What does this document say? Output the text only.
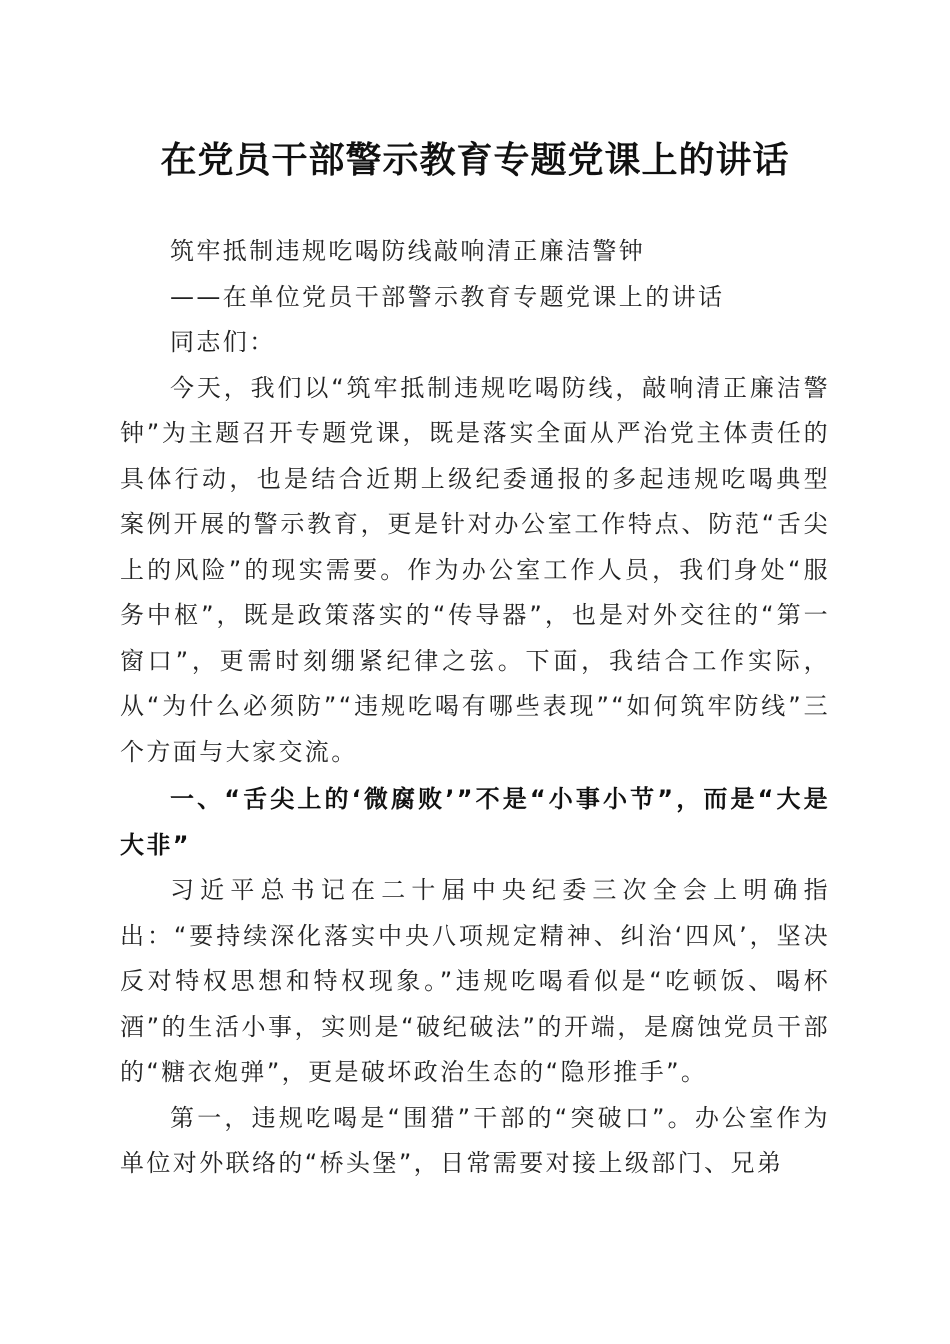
在党员干部警示教育专题党课上的讲话

筑牢抵制违规吃喝防线敲响清正廉洁警钟

——在单位党员干部警示教育专题党课上的讲话

同志们：

今天，我们以“筑牢抵制违规吃喝防线，敲响清正廉洁警钟”为主题召开专题党课，既是落实全面从严治党主体责任的具体行动，也是结合近期上级纪委通报的多起违规吃喝典型案例开展的警示教育，更是针对办公室工作特点、防范“舌尖上的风险”的现实需要。作为办公室工作人员，我们身处“服务中枢”，既是政策落实的“传导器”，也是对外交往的“第一窗口”，更需时刻绷紧纪律之弦。下面，我结合工作实际，从“为什么必须防”“违规吃喝有哪些表现”“如何筑牢防线”三个方面与大家交流。

一、“舌尖上的‘微腐败’”不是“小事小节”，而是“大是大非”

习近平总书记在二十届中央纪委三次全会上明确指出：“要持续深化落实中央八项规定精神、纠治‘四风’，坚决反对特权思想和特权现象。”违规吃喝看似是“吃顿饭、喝杯酒”的生活小事，实则是“破纪破法”的开端，是腐蚀党员干部的“糖衣炮弹”，更是破坏政治生态的“隐形推手”。

第一，违规吃喝是“围猎”干部的“突破口”。办公室作为单位对外联络的“桥头堡”，日常需要对接上级部门、兄弟
